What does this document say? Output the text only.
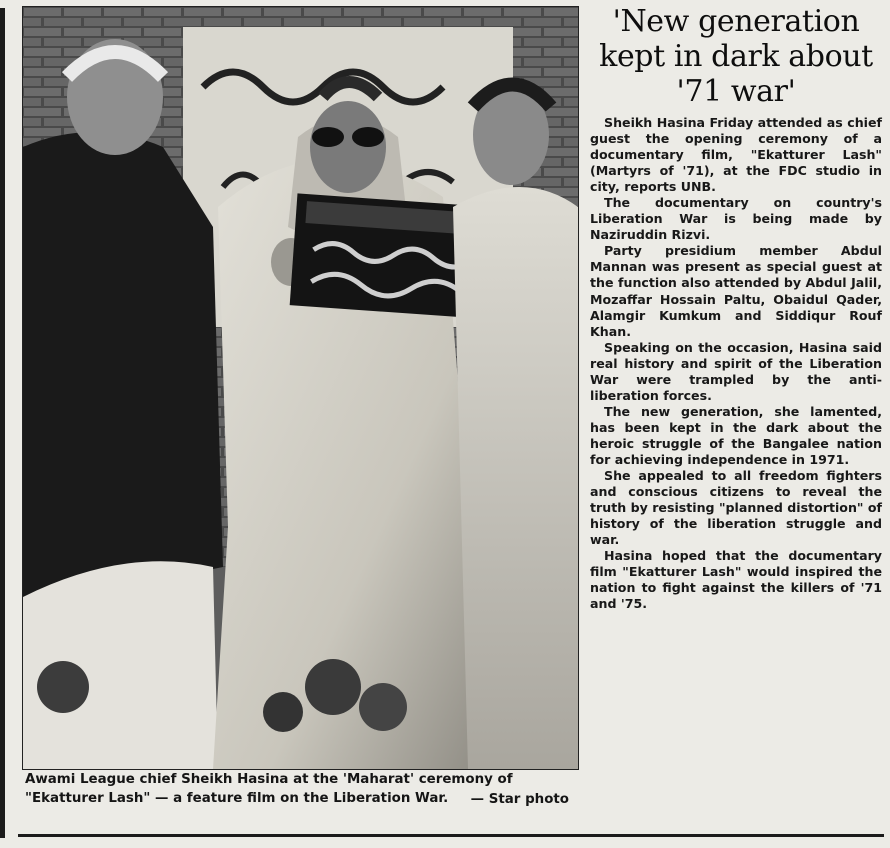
Awami League chief Sheikh Hasina at the 'Maharat' ceremony of "Ekatturer Lash" — a feature film on the Liberation War.	— Star photo
'New generation kept in dark about '71 war'

Sheikh Hasina Friday attended as chief guest the opening ceremony of a documentary film, "Ekatturer Lash" (Martyrs of '71), at the FDC studio in city, reports UNB.

The documentary on country's Liberation War is being made by Naziruddin Rizvi.

Party presidium member Abdul Mannan was present as special guest at the function also attended by Abdul Jalil, Mozaffar Hossain Paltu, Obaidul Qader, Alamgir Kumkum and Siddiqur Rouf Khan.

Speaking on the occasion, Hasina said real history and spirit of the Liberation War were trampled by the anti-liberation forces.

The new generation, she lamented, has been kept in the dark about the heroic struggle of the Bangalee nation for achieving independence in 1971.

She appealed to all freedom fighters and conscious citizens to reveal the truth by resisting "planned distortion" of history of the liberation struggle and war.

Hasina hoped that the documentary film "Ekatturer Lash" would inspired the nation to fight against the killers of '71 and '75.
